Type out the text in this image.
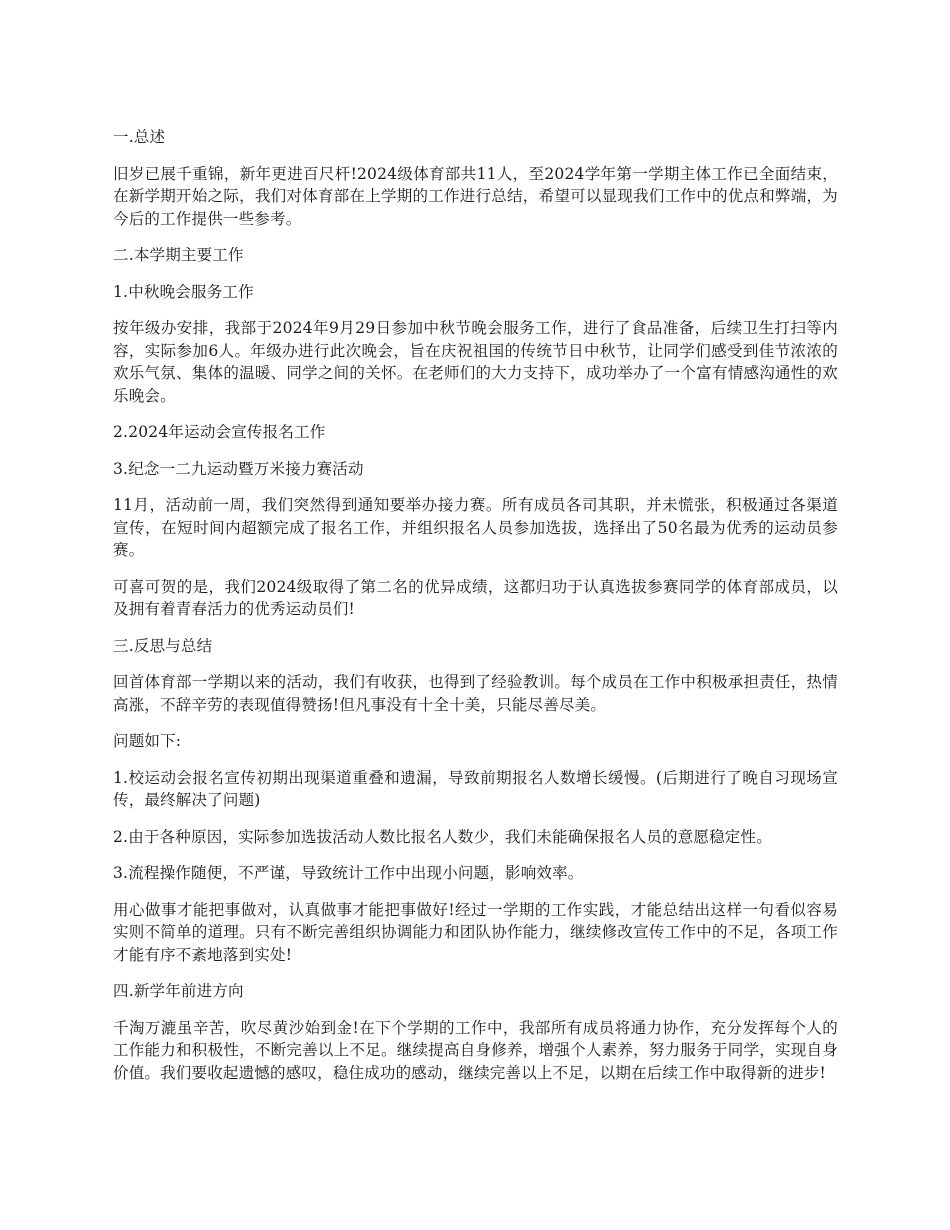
一.总述
旧岁已展千重锦，新年更进百尺杆!2024级体育部共11人，至2024学年第一学期主体工作已全面结束，在新学期开始之际，我们对体育部在上学期的工作进行总结，希望可以显现我们工作中的优点和弊端，为今后的工作提供一些参考。
二.本学期主要工作
1.中秋晚会服务工作
按年级办安排，我部于2024年9月29日参加中秋节晚会服务工作，进行了食品准备，后续卫生打扫等内容，实际参加6人。年级办进行此次晚会，旨在庆祝祖国的传统节日中秋节，让同学们感受到佳节浓浓的欢乐气氛、集体的温暖、同学之间的关怀。在老师们的大力支持下，成功举办了一个富有情感沟通性的欢乐晚会。
2.2024年运动会宣传报名工作
3.纪念一二九运动暨万米接力赛活动
11月，活动前一周，我们突然得到通知要举办接力赛。所有成员各司其职，并未慌张，积极通过各渠道宣传，在短时间内超额完成了报名工作，并组织报名人员参加选拔，选择出了50名最为优秀的运动员参赛。
可喜可贺的是，我们2024级取得了第二名的优异成绩，这都归功于认真选拔参赛同学的体育部成员，以及拥有着青春活力的优秀运动员们!
三.反思与总结
回首体育部一学期以来的活动，我们有收获，也得到了经验教训。每个成员在工作中积极承担责任，热情高涨，不辞辛劳的表现值得赞扬!但凡事没有十全十美，只能尽善尽美。
问题如下:
1.校运动会报名宣传初期出现渠道重叠和遗漏，导致前期报名人数增长缓慢。(后期进行了晚自习现场宣传，最终解决了问题)
2.由于各种原因，实际参加选拔活动人数比报名人数少，我们未能确保报名人员的意愿稳定性。
3.流程操作随便，不严谨，导致统计工作中出现小问题，影响效率。
用心做事才能把事做对，认真做事才能把事做好!经过一学期的工作实践，才能总结出这样一句看似容易实则不简单的道理。只有不断完善组织协调能力和团队协作能力，继续修改宣传工作中的不足，各项工作才能有序不紊地落到实处!
四.新学年前进方向
千淘万漉虽辛苦，吹尽黄沙始到金!在下个学期的工作中，我部所有成员将通力协作，充分发挥每个人的工作能力和积极性，不断完善以上不足。继续提高自身修养，增强个人素养，努力服务于同学，实现自身价值。我们要收起遗憾的感叹，稳住成功的感动，继续完善以上不足，以期在后续工作中取得新的进步!
